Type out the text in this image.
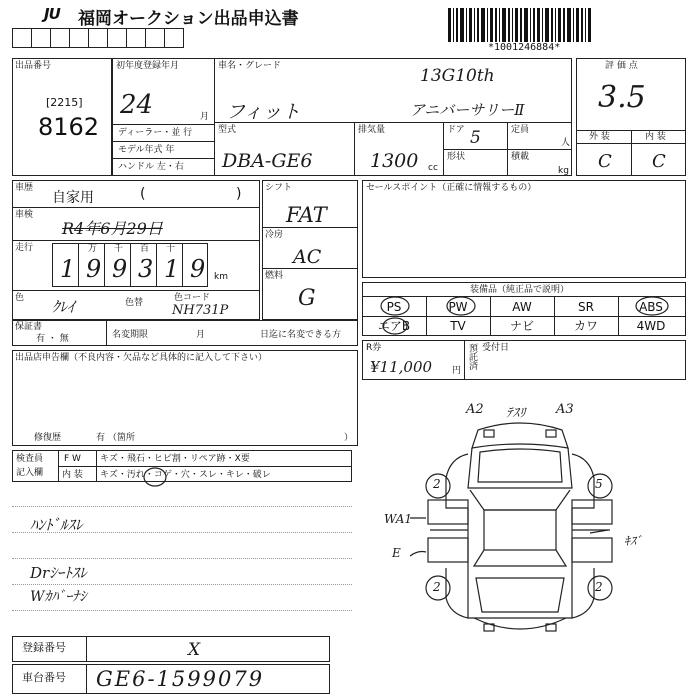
JU 福岡オークション出品申込書
*1001246884*
出品番号
[2215]
8162
初年度登録年月
24	月
ディーラー・並 行
モデル年式 年
ハンドル 左・右
車名・グレード	13G10th
フィット	アニバーサリーⅡ
型式
DBA-GE6
排気量
1300 cc
ドア 5	定員
人
形状	積載
kg
評 価 点
3.5
外 装	内 装
C C
車歴	(
自家用	)
車検
R4年6月29日
走行	万 千 百 十
1 9 9 3 1 9 km
色 ｸﾚｲ	色替	色コード
NH731P
シフト
FAT
冷房
AC
燃料
G
セールスポイント（正確に情報するもの）
装備品（純正品で説明）
PS	PW	AW	SR	ABS
エアB	TV	ナビ	カワ	4WD
保証書
有 ・ 無	名変期限	月	日迄に名変できる方
出品店申告欄（不良内容・欠品など具体的に記入して下さい）
修復歴	有 （箇所	）
R券
¥11,000 円
預託済 受付日
検査員
記入欄
F W キズ・飛石・ヒビ割・リペア跡・X要
内 装 キズ・汚れ・コゲ・穴・スレ・キレ・破レ
ﾊﾝﾄﾞﾙｽﾚ
Drｼｰﾄｽﾚ
Wｶﾊﾞｰﾅｼ
A2 ﾃｽﾘ A3
WA1
E
ｷｽﾞ
2	5
2	2
登録番号	X
車台番号 GE6-1599079
